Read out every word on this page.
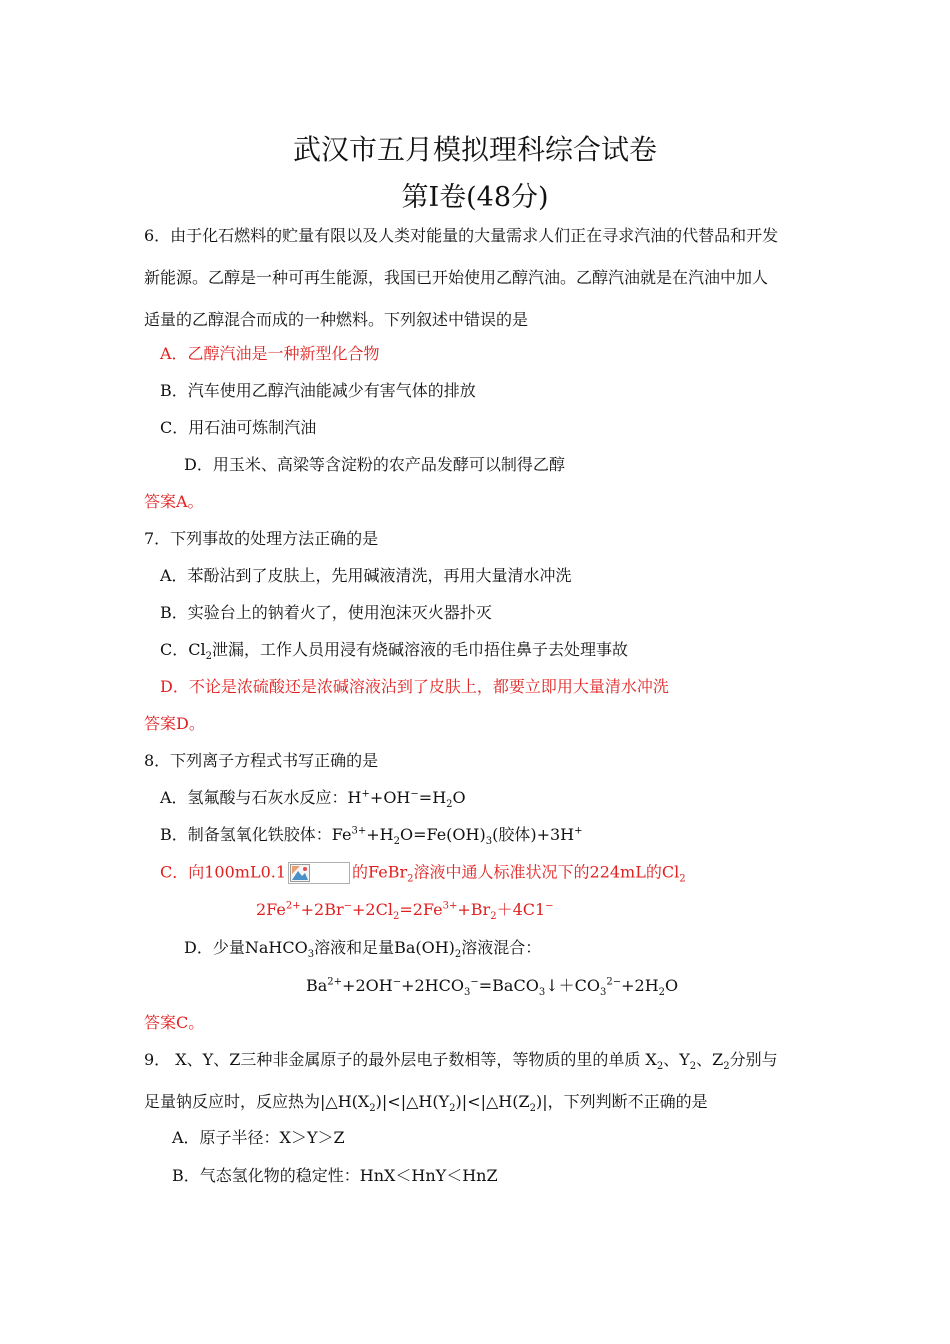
武汉市五月模拟理科综合试卷
第I卷(48分)
6．由于化石燃料的贮量有限以及人类对能量的大量需求人们正在寻求汽油的代替品和开发
新能源。乙醇是一种可再生能源，我国已开始使用乙醇汽油。乙醇汽油就是在汽油中加人
适量的乙醇混合而成的一种燃料。下列叙述中错误的是
A．乙醇汽油是一种新型化合物
B．汽车使用乙醇汽油能减少有害气体的排放
C．用石油可炼制汽油
D．用玉米、高梁等含淀粉的农产品发酵可以制得乙醇
答案A。
7．下列事故的处理方法正确的是
A．苯酚沾到了皮肤上，先用碱液清洗，再用大量清水冲洗
B．实验台上的钠着火了，使用泡沫灭火器扑灭
C．$Cl_2$泄漏，工作人员用浸有烧碱溶液的毛巾捂住鼻子去处理事故
D．不论是浓硫酸还是浓碱溶液沾到了皮肤上，都要立即用大量清水冲洗
答案D。
8．下列离子方程式书写正确的是
A．氢氟酸与石灰水反应：$H^++OH^-=H_2O$
B．制备氢氧化铁胶体：$Fe^{3+}+H_2O=Fe(OH)_3$(胶体)+3H+
C．向100mL0.1	的FeBr$_2$溶液中通人标准状况下的224mL的$Cl_2$
$2Fe^{2+}+2Br^-+2Cl_2=2Fe^{3+}+Br_2+4C1^-$
D．少量NaHCO$_3$溶液和足量$Ba(OH)_2$溶液混合：
$Ba^{2+}+2OH^-+2HCO_3^-=BaCO_3↓+CO_3^{2-}+2H_2O$
答案C。
9． X、Y、Z三种非金属原子的最外层电子数相等，等物质的里的单质 $X_2$、$Y_2$、$Z_2$分别与
足量钠反应时，反应热为$|\triangle H(X_2)|<|\triangle H(Y_2)|<|\triangle H(Z_2)|$，下列判断不正确的是
A．原子半径：X＞Y＞Z
B．气态氢化物的稳定性：HnX＜HnY＜HnZ
